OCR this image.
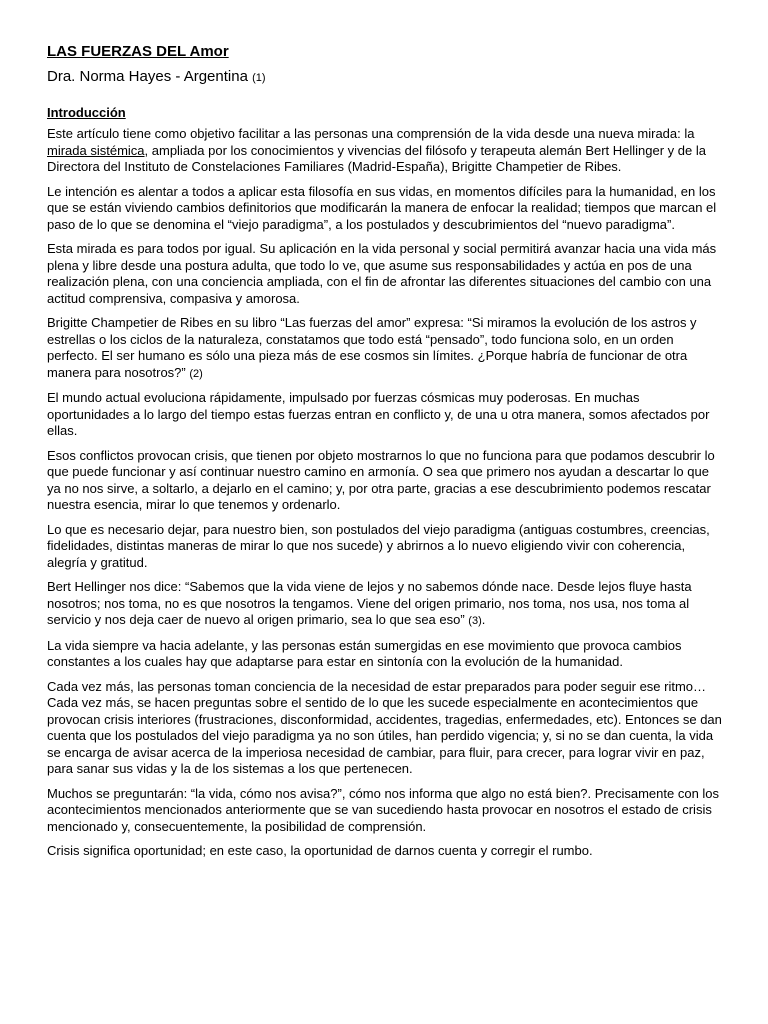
LAS FUERZAS DEL Amor
Dra. Norma Hayes - Argentina (1)
Introducción

Este artículo tiene como objetivo facilitar a las personas una comprensión de la vida desde una nueva mirada: la mirada sistémica, ampliada por los conocimientos y vivencias del filósofo y terapeuta alemán Bert Hellinger y de la Directora del Instituto de Constelaciones Familiares (Madrid-España), Brigitte Champetier de Ribes.

Le intención es alentar a todos a aplicar esta filosofía en sus vidas, en momentos difíciles para la humanidad, en los que se están viviendo cambios definitorios que modificarán la manera de enfocar la realidad; tiempos que marcan el paso de lo que se denomina el “viejo paradigma”, a los postulados y descubrimientos del “nuevo paradigma”.

Esta mirada es para todos por igual. Su aplicación en la vida personal y social permitirá avanzar hacia una vida más plena y libre desde una postura adulta, que todo lo ve, que asume sus responsabilidades y actúa en pos de una realización plena, con una conciencia ampliada, con el fin de afrontar las diferentes situaciones del cambio con una actitud comprensiva, compasiva y amorosa.

Brigitte Champetier de Ribes en su libro “Las fuerzas del amor” expresa: “Si miramos la evolución de los astros y estrellas o los ciclos de la naturaleza, constatamos que todo está “pensado”, todo funciona solo, en un orden perfecto. El ser humano es sólo una pieza más de ese cosmos sin límites. ¿Porque habría de funcionar de otra manera para nosotros?” (2)

El mundo actual evoluciona rápidamente, impulsado por fuerzas cósmicas muy poderosas. En muchas oportunidades a lo largo del tiempo estas fuerzas entran en conflicto y, de una u otra manera, somos afectados por ellas.

Esos conflictos provocan crisis, que tienen por objeto mostrarnos lo que no funciona para que podamos descubrir lo que puede funcionar y así continuar nuestro camino en armonía. O sea que primero nos ayudan a descartar lo que ya no nos sirve, a soltarlo, a dejarlo en el camino; y, por otra parte, gracias a ese descubrimiento podemos rescatar nuestra esencia, mirar lo que tenemos y ordenarlo.

Lo que es necesario dejar, para nuestro bien, son postulados del viejo paradigma (antiguas costumbres, creencias, fidelidades, distintas maneras de mirar lo que nos sucede) y abrirnos a lo nuevo eligiendo vivir con coherencia, alegría y gratitud.

Bert Hellinger nos dice: “Sabemos que la vida viene de lejos y no sabemos dónde nace. Desde lejos fluye hasta nosotros; nos toma, no es que nosotros la tengamos. Viene del origen primario, nos toma, nos usa, nos toma al servicio y nos deja caer de nuevo al origen primario, sea lo que sea eso” (3).

La vida siempre va hacia adelante, y las personas están sumergidas en ese movimiento que provoca cambios constantes a los cuales hay que adaptarse para estar en sintonía con la evolución de la humanidad.

Cada vez más, las personas toman conciencia de la necesidad de estar preparados para poder seguir ese ritmo…Cada vez más, se hacen preguntas sobre el sentido de lo que les sucede especialmente en acontecimientos que provocan crisis interiores (frustraciones, disconformidad, accidentes, tragedias, enfermedades, etc). Entonces se dan cuenta que los postulados del viejo paradigma ya no son útiles, han perdido vigencia; y, si no se dan cuenta, la vida se encarga de avisar acerca de la imperiosa necesidad de cambiar, para fluir, para crecer, para lograr vivir en paz, para sanar sus vidas y la de los sistemas a los que pertenecen.

Muchos se preguntarán: “la vida, cómo nos avisa?”, cómo nos informa que algo no está bien?. Precisamente con los acontecimientos mencionados anteriormente que se van sucediendo hasta provocar en nosotros el estado de crisis mencionado y, consecuentemente, la posibilidad de comprensión.

Crisis significa oportunidad; en este caso, la oportunidad de darnos cuenta y corregir el rumbo.
